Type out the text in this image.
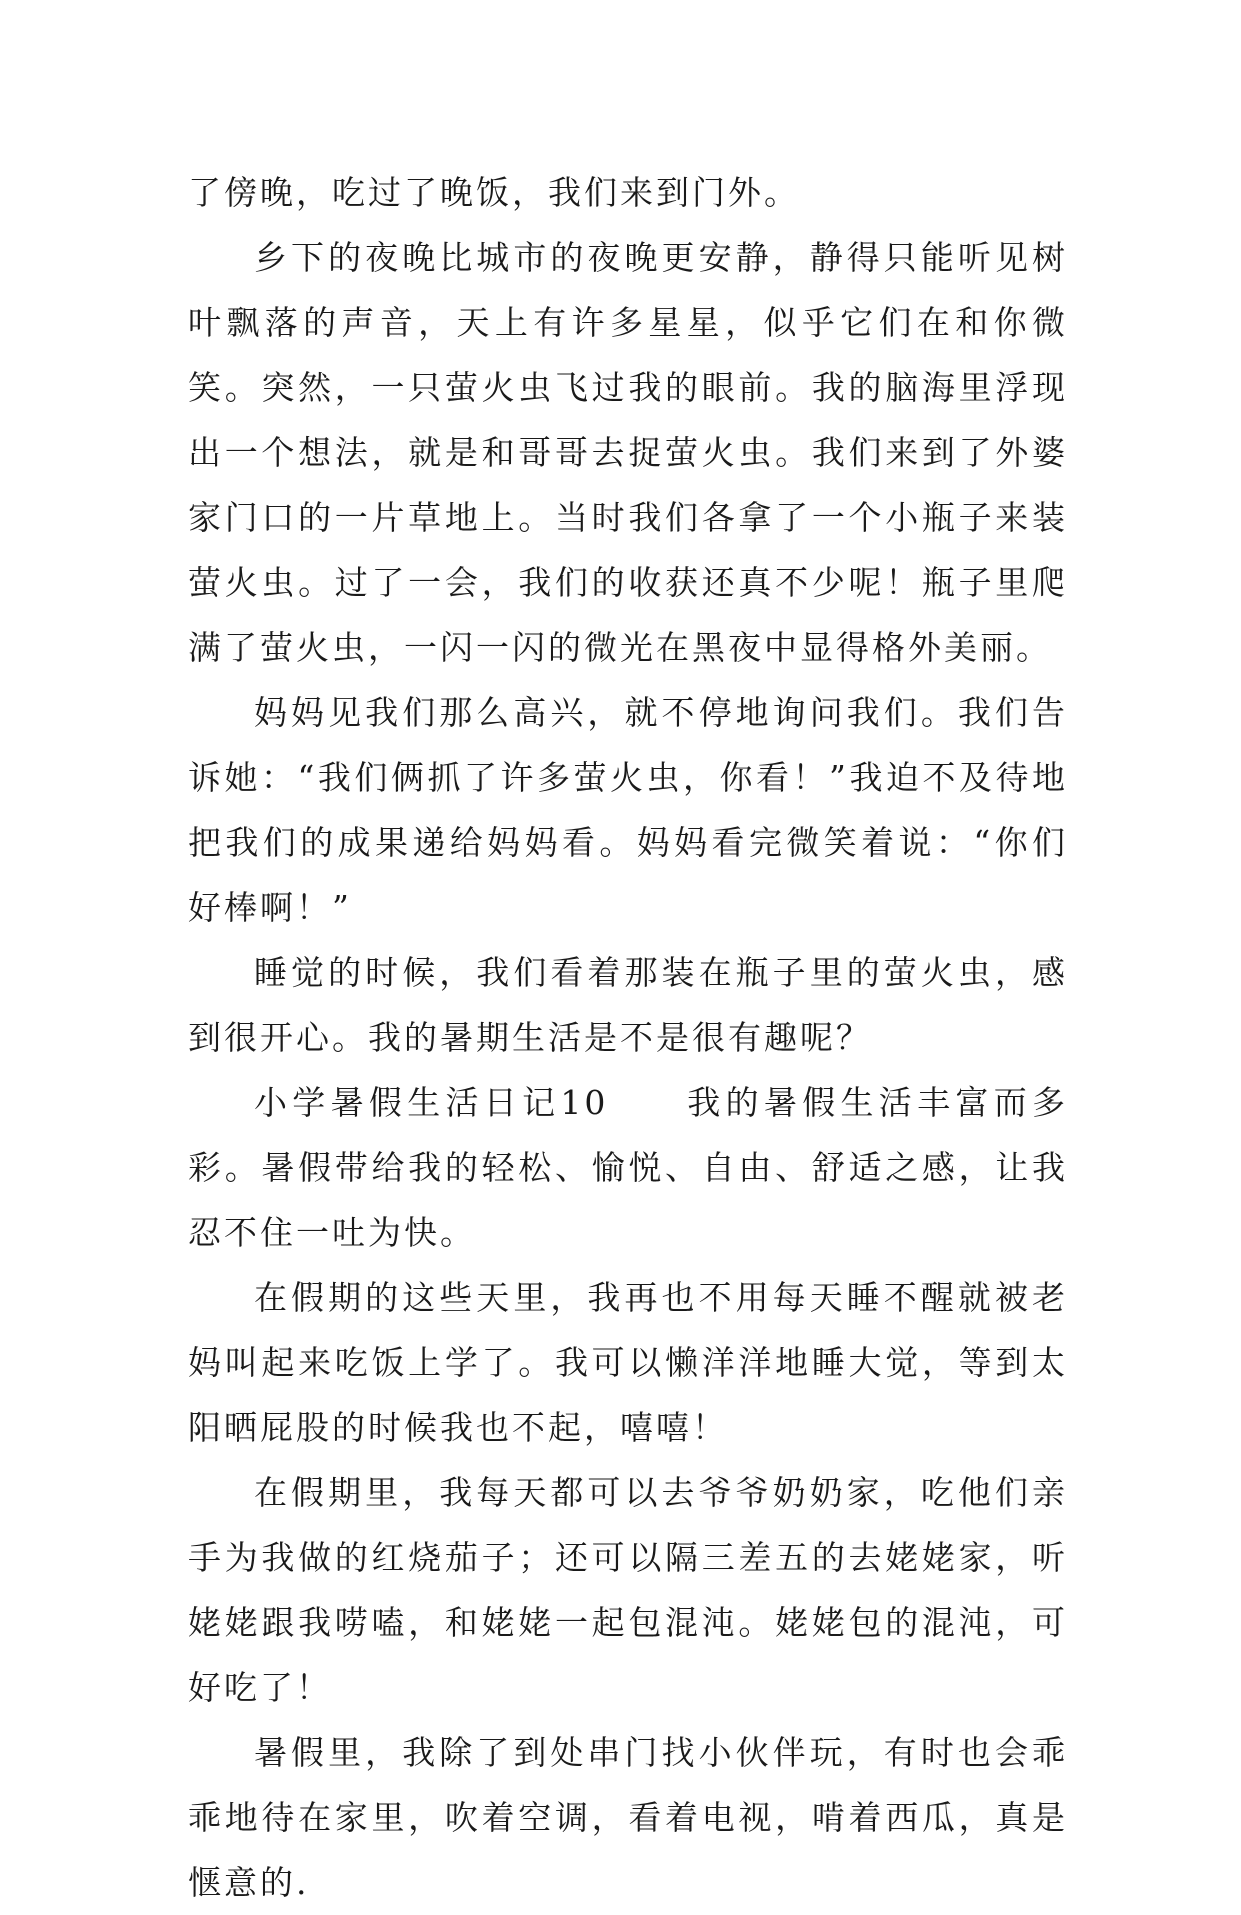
了傍晚，吃过了晚饭，我们来到门外。

乡下的夜晚比城市的夜晚更安静，静得只能听见树叶飘落的声音，天上有许多星星，似乎它们在和你微笑。突然，一只萤火虫飞过我的眼前。我的脑海里浮现出一个想法，就是和哥哥去捉萤火虫。我们来到了外婆家门口的一片草地上。当时我们各拿了一个小瓶子来装萤火虫。过了一会，我们的收获还真不少呢！瓶子里爬满了萤火虫，一闪一闪的微光在黑夜中显得格外美丽。

妈妈见我们那么高兴，就不停地询问我们。我们告诉她：“我们俩抓了许多萤火虫，你看！”我迫不及待地把我们的成果递给妈妈看。妈妈看完微笑着说：“你们好棒啊！”

睡觉的时候，我们看着那装在瓶子里的萤火虫，感到很开心。我的暑期生活是不是很有趣呢？

小学暑假生活日记10　　我的暑假生活丰富而多彩。暑假带给我的轻松、愉悦、自由、舒适之感，让我忍不住一吐为快。

在假期的这些天里，我再也不用每天睡不醒就被老妈叫起来吃饭上学了。我可以懒洋洋地睡大觉，等到太阳晒屁股的时候我也不起，嘻嘻！

在假期里，我每天都可以去爷爷奶奶家，吃他们亲手为我做的红烧茄子；还可以隔三差五的去姥姥家，听姥姥跟我唠嗑，和姥姥一起包混沌。姥姥包的混沌，可好吃了！

暑假里，我除了到处串门找小伙伴玩，有时也会乖乖地待在家里，吹着空调，看着电视，啃着西瓜，真是惬意的.
